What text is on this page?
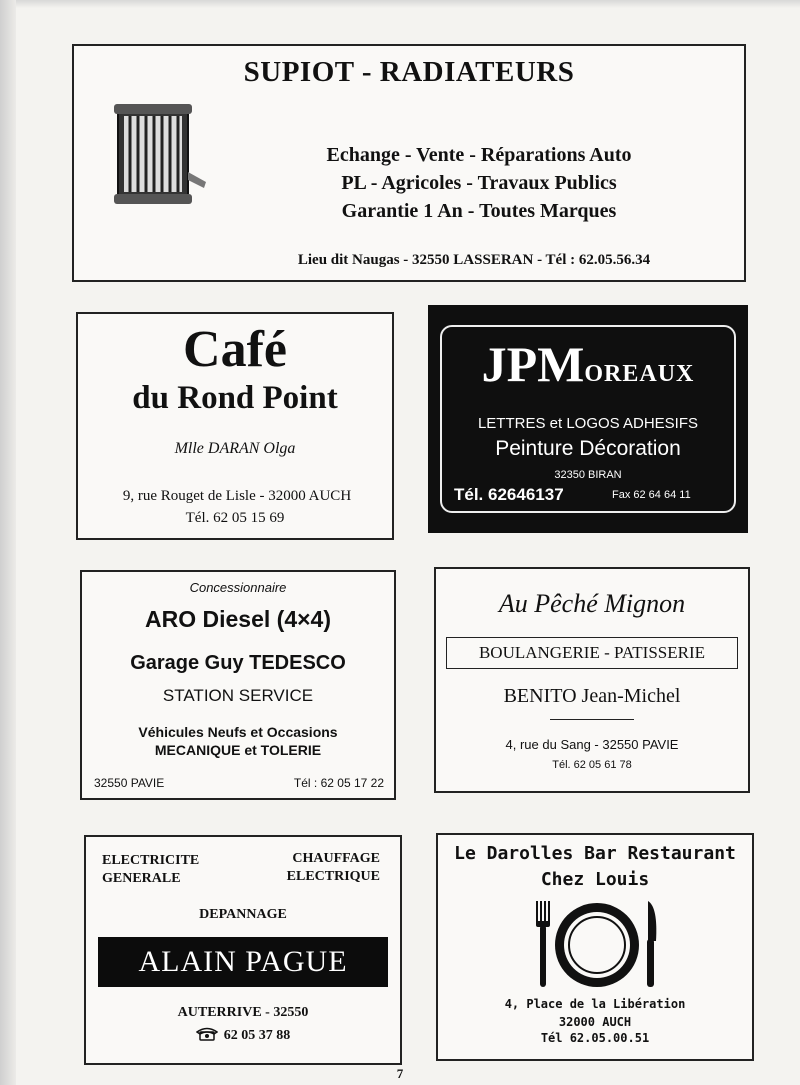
SUPIOT - RADIATEURS
Echange - Vente - Réparations Auto
PL - Agricoles - Travaux Publics
Garantie 1 An - Toutes Marques
Lieu dit Naugas - 32550 LASSERAN - Tél : 62.05.56.34
Café
du Rond Point
Mlle DARAN Olga
9, rue Rouget de Lisle - 32000 AUCH
Tél. 62 05 15 69
JPMOREAUX
LETTRES et LOGOS ADHESIFS
Peinture Décoration
32350 BIRAN
Tél. 62646137	Fax 62 64 64 11
Concessionnaire
ARO Diesel (4×4)
Garage Guy TEDESCO
STATION SERVICE
Véhicules Neufs et Occasions
MECANIQUE et TOLERIE
32550 PAVIE	Tél : 62 05 17 22
Au Pêché Mignon
BOULANGERIE - PATISSERIE
BENITO Jean-Michel
4, rue du Sang - 32550 PAVIE
Tél. 62 05 61 78
ELECTRICITE
GENERALE
CHAUFFAGE
ELECTRIQUE
DEPANNAGE
ALAIN PAGUE
AUTERRIVE - 32550
62 05 37 88
Le Darolles Bar Restaurant
Chez Louis
4, Place de la Libération
32000 AUCH
Tél 62.05.00.51
7
